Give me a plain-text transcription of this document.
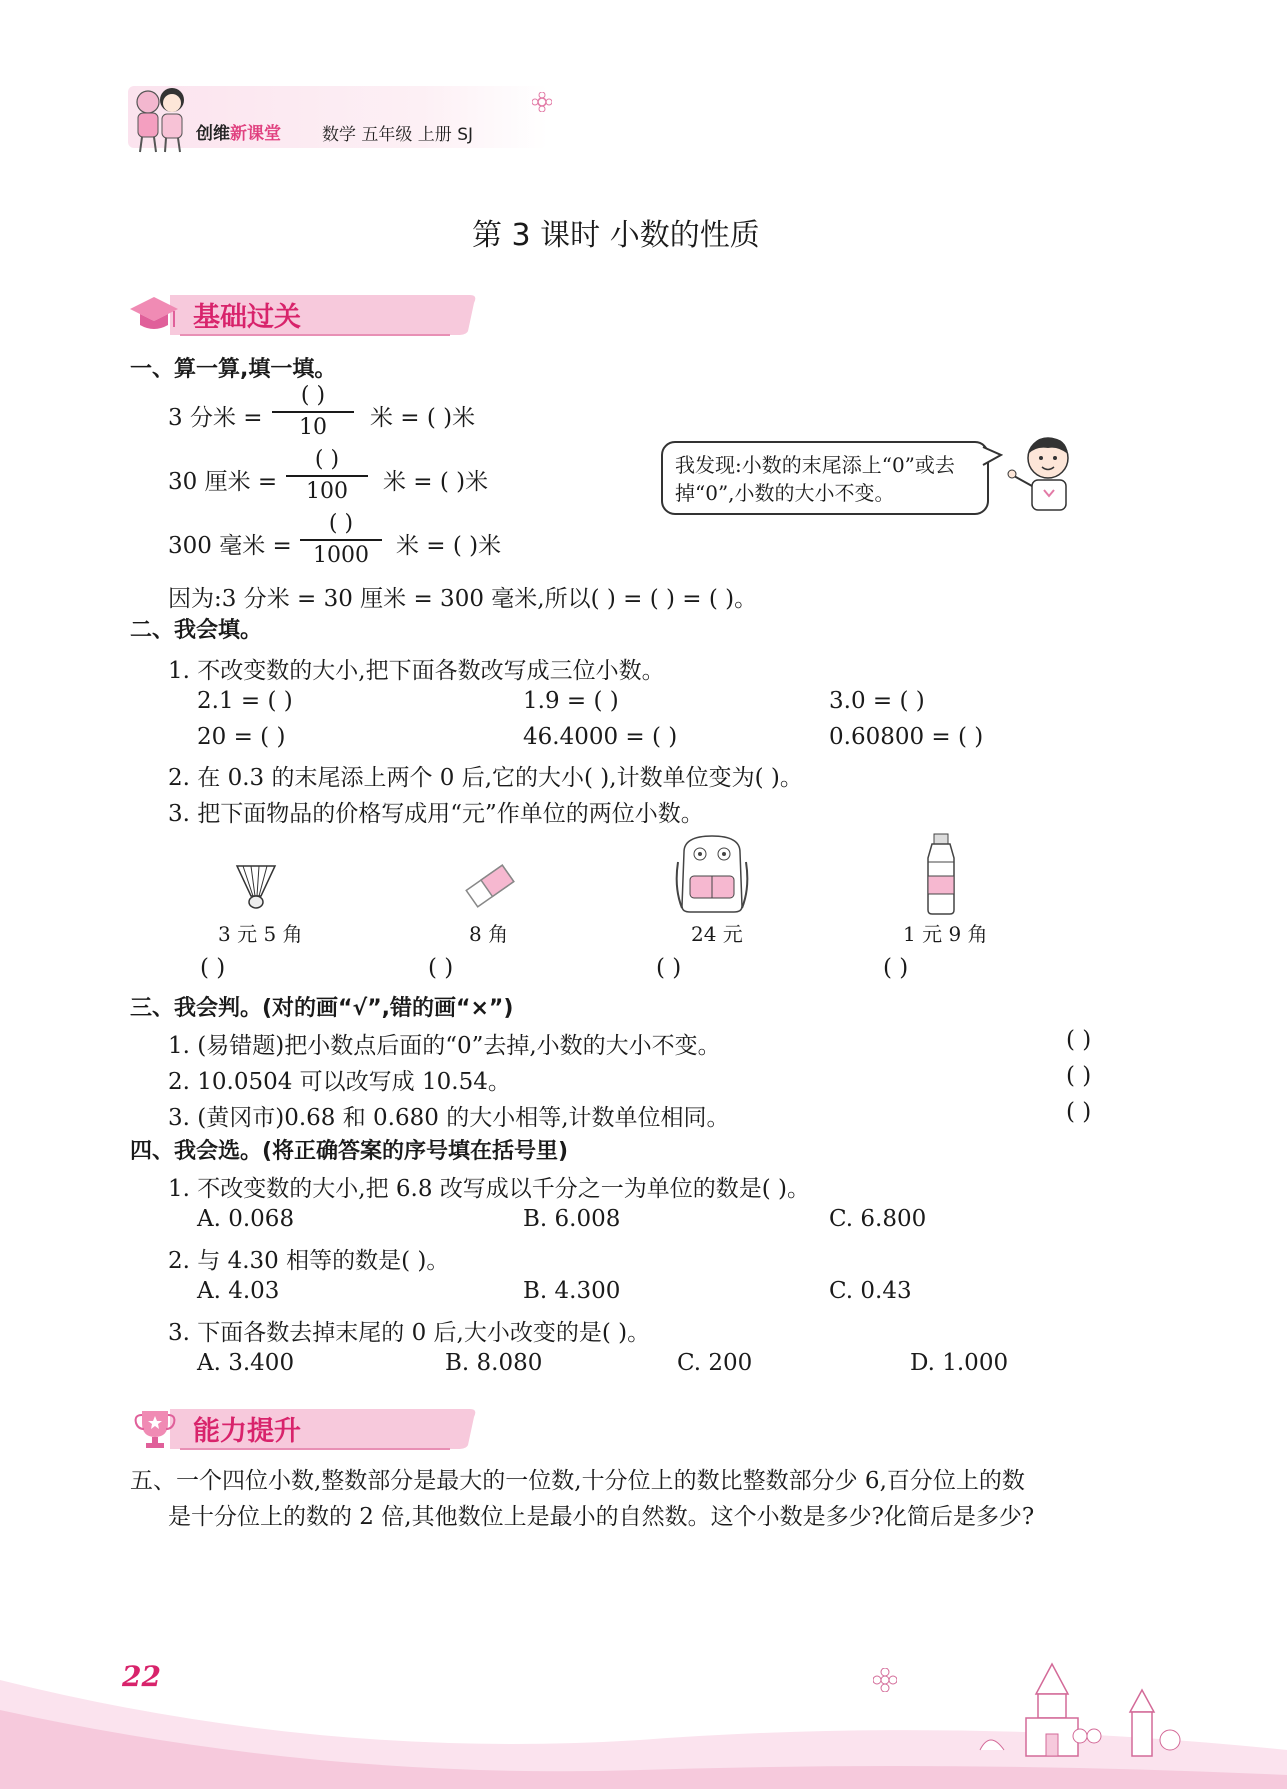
创维新课堂 数学 五年级 上册 SJ
第 3 课时 小数的性质
基础过关
一、算一算,填一填。
3 分米 =
( )
10	米 = ( )米
30 厘米 =
( )
100	米 = ( )米
300 毫米 =
( )
1000	米 = ( )米
因为:3 分米 = 30 厘米 = 300 毫米,所以( ) = ( ) = ( )。
我发现:小数的末尾添上“0”或去掉“0”,小数的大小不变。
二、我会填。
1. 不改变数的大小,把下面各数改写成三位小数。
2.1 = ( )	1.9 = ( )	3.0 = ( )
20 = ( )	46.4000 = ( )	0.60800 = ( )
2. 在 0.3 的末尾添上两个 0 后,它的大小( ),计数单位变为( )。
3. 把下面物品的价格写成用“元”作单位的两位小数。
3 元 5 角	8 角	24 元	1 元 9 角
( )	( )	( )	( )
三、我会判。(对的画“√”,错的画“×”)
1. (易错题)把小数点后面的“0”去掉,小数的大小不变。	( )
2. 10.0504 可以改写成 10.54。	( )
3. (黄冈市)0.68 和 0.680 的大小相等,计数单位相同。	( )
四、我会选。(将正确答案的序号填在括号里)
1. 不改变数的大小,把 6.8 改写成以千分之一为单位的数是( )。
A. 0.068	B. 6.008	C. 6.800
2. 与 4.30 相等的数是( )。
A. 4.03	B. 4.300	C. 0.43
3. 下面各数去掉末尾的 0 后,大小改变的是( )。
A. 3.400	B. 8.080	C. 200	D. 1.000
能力提升
五、一个四位小数,整数部分是最大的一位数,十分位上的数比整数部分少 6,百分位上的数
是十分位上的数的 2 倍,其他数位上是最小的自然数。这个小数是多少?化简后是多少?
22
